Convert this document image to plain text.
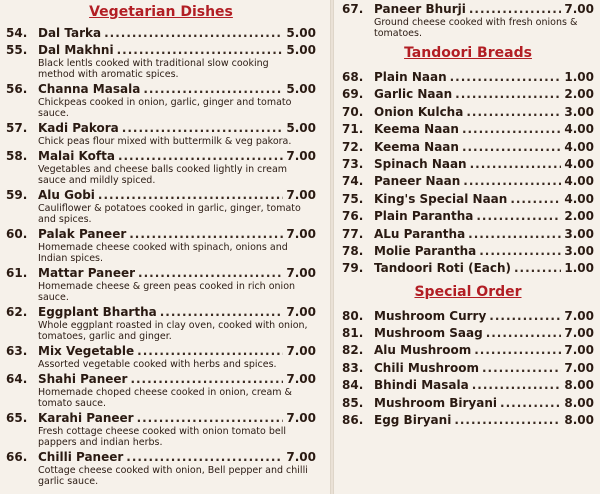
Vegetarian Dishes
54. Dal Tarka .....	5.00
55. Dal Makhni .....	5.00
Black lentls cooked with traditional slow cooking method with aromatic spices.
56. Channa Masala .....	5.00
Chickpeas cooked in onion, garlic, ginger and tomato sauce.
57. Kadi Pakora .....	5.00
Chick peas flour mixed with buttermilk & veg pakora.
58. Malai Kofta .....	7.00
Vegetables and cheese balls cooked lightly in cream sauce and mildly spiced.
59. Alu Gobi .....	7.00
Cauliflower & potatoes cooked in garlic, ginger, tomato and spices.
60. Palak Paneer .....	7.00
Homemade cheese cooked with spinach, onions and Indian spices.
61. Mattar Paneer .....	7.00
Homemade cheese & green peas cooked in rich onion sauce.
62. Eggplant Bhartha .....	7.00
Whole eggplant roasted in clay oven, cooked with onion, tomatoes, garlic and ginger.
63. Mix Vegetable .....	7.00
Assorted vegetable cooked with herbs and spices.
64. Shahi Paneer .....	7.00
Homemade choped cheese cooked in onion, cream & tomato sauce.
65. Karahi Paneer .....	7.00
Fresh cottage cheese cooked with onion tomato bell pappers and indian herbs.
66. Chilli Paneer .....	7.00
Cottage cheese cooked with onion, Bell pepper and chilli garlic sauce.
67. Paneer Bhurji .....	7.00
Ground cheese cooked with fresh onions & tomatoes.
Tandoori Breads
68. Plain Naan .....	1.00
69. Garlic Naan .....	2.00
70. Onion Kulcha .....	3.00
71. Keema Naan .....	4.00
72. Keema Naan .....	4.00
73. Spinach Naan .....	4.00
74. Paneer Naan .....	4.00
75. King's Special Naan .....	4.00
76. Plain Parantha .....	2.00
77. ALu Parantha .....	3.00
78. Molie Parantha .....	3.00
79. Tandoori Roti (Each) .....	1.00
Special Order
80. Mushroom Curry .....	7.00
81. Mushroom Saag .....	7.00
82. Alu Mushroom .....	7.00
83. Chili Mushroom .....	7.00
84. Bhindi Masala .....	8.00
85. Mushroom Biryani .....	8.00
86. Egg Biryani .....	8.00
